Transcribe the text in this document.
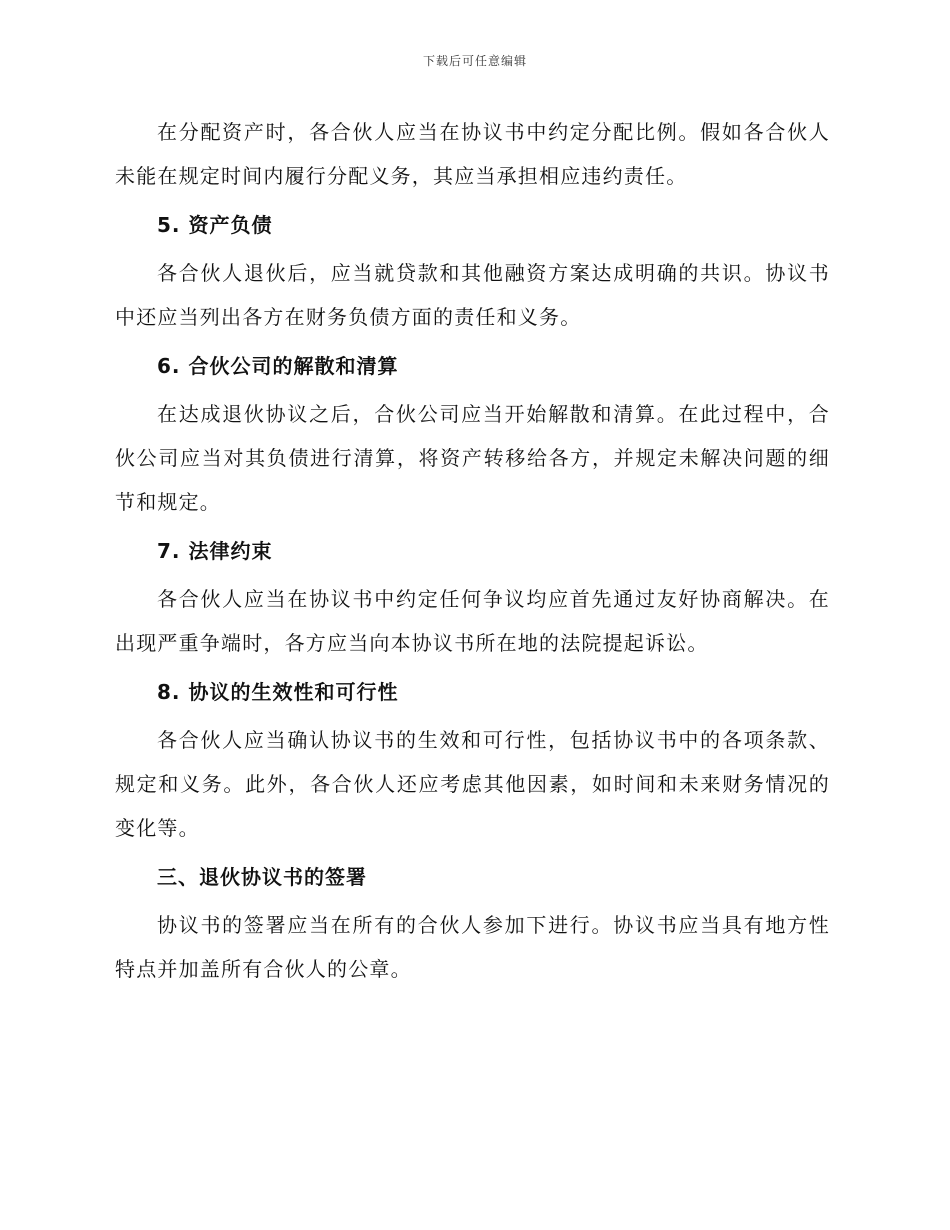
下载后可任意编辑

在分配资产时，各合伙人应当在协议书中约定分配比例。假如各合伙人未能在规定时间内履行分配义务，其应当承担相应违约责任。

5. 资产负债

各合伙人退伙后，应当就贷款和其他融资方案达成明确的共识。协议书中还应当列出各方在财务负债方面的责任和义务。

6. 合伙公司的解散和清算

在达成退伙协议之后，合伙公司应当开始解散和清算。在此过程中，合伙公司应当对其负债进行清算，将资产转移给各方，并规定未解决问题的细节和规定。

7. 法律约束

各合伙人应当在协议书中约定任何争议均应首先通过友好协商解决。在出现严重争端时，各方应当向本协议书所在地的法院提起诉讼。

8. 协议的生效性和可行性

各合伙人应当确认协议书的生效和可行性，包括协议书中的各项条款、规定和义务。此外，各合伙人还应考虑其他因素，如时间和未来财务情况的变化等。

三、退伙协议书的签署

协议书的签署应当在所有的合伙人参加下进行。协议书应当具有地方性特点并加盖所有合伙人的公章。
